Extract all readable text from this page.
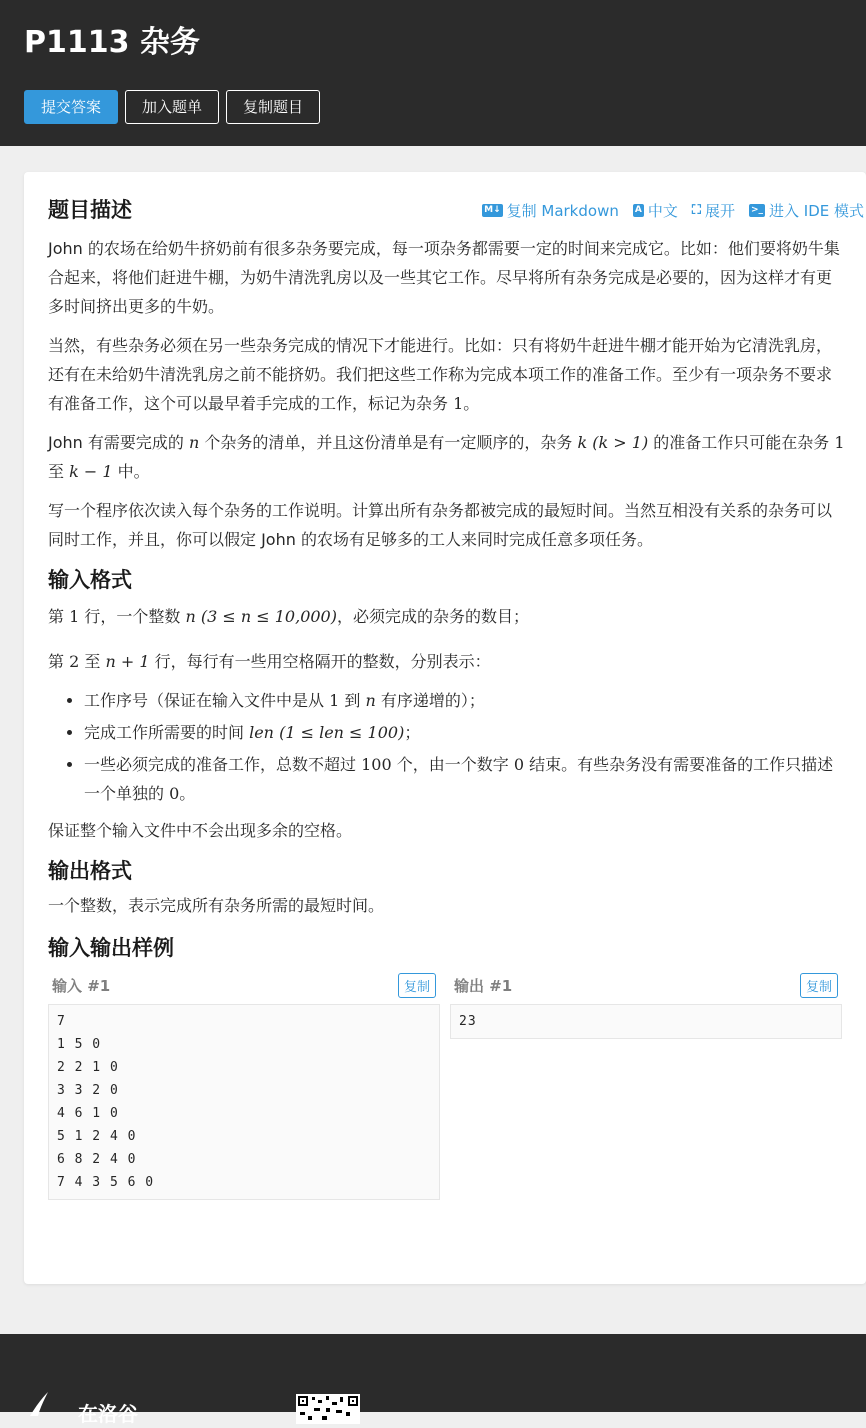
P1113 杂务
提交答案	加入题单	复制题目
题目描述	M↓ 复制 Markdown A 中文 ⛶ 展开 >_ 进入 IDE 模式

John 的农场在给奶牛挤奶前有很多杂务要完成，每一项杂务都需要一定的时间来完成它。比如：他们要将奶牛集合起来，将他们赶进牛棚，为奶牛清洗乳房以及一些其它工作。尽早将所有杂务完成是必要的，因为这样才有更多时间挤出更多的牛奶。

当然，有些杂务必须在另一些杂务完成的情况下才能进行。比如：只有将奶牛赶进牛棚才能开始为它清洗乳房，还有在未给奶牛清洗乳房之前不能挤奶。我们把这些工作称为完成本项工作的准备工作。至少有一项杂务不要求有准备工作，这个可以最早着手完成的工作，标记为杂务 1。

John 有需要完成的 n 个杂务的清单，并且这份清单是有一定顺序的，杂务 k (k > 1) 的准备工作只可能在杂务 1 至 k − 1 中。

写一个程序依次读入每个杂务的工作说明。计算出所有杂务都被完成的最短时间。当然互相没有关系的杂务可以同时工作，并且，你可以假定 John 的农场有足够多的工人来同时完成任意多项任务。

输入格式

第 1 行，一个整数 n (3 ≤ n ≤ 10,000)，必须完成的杂务的数目；

第 2 至 n + 1 行，每行有一些用空格隔开的整数，分别表示：

• 工作序号（保证在输入文件中是从 1 到 n 有序递增的）；
• 完成工作所需要的时间 len (1 ≤ len ≤ 100)；
• 一些必须完成的准备工作，总数不超过 100 个，由一个数字 0 结束。有些杂务没有需要准备的工作只描述一个单独的 0。

保证整个输入文件中不会出现多余的空格。

输出格式

一个整数，表示完成所有杂务所需的最短时间。

输入输出样例
输入 #1	复制
7
1 5 0
2 2 1 0
3 3 2 0
4 6 1 0
5 1 2 4 0
6 8 2 4 0
7 4 3 5 6 0
输出 #1	复制
23
在洛谷
